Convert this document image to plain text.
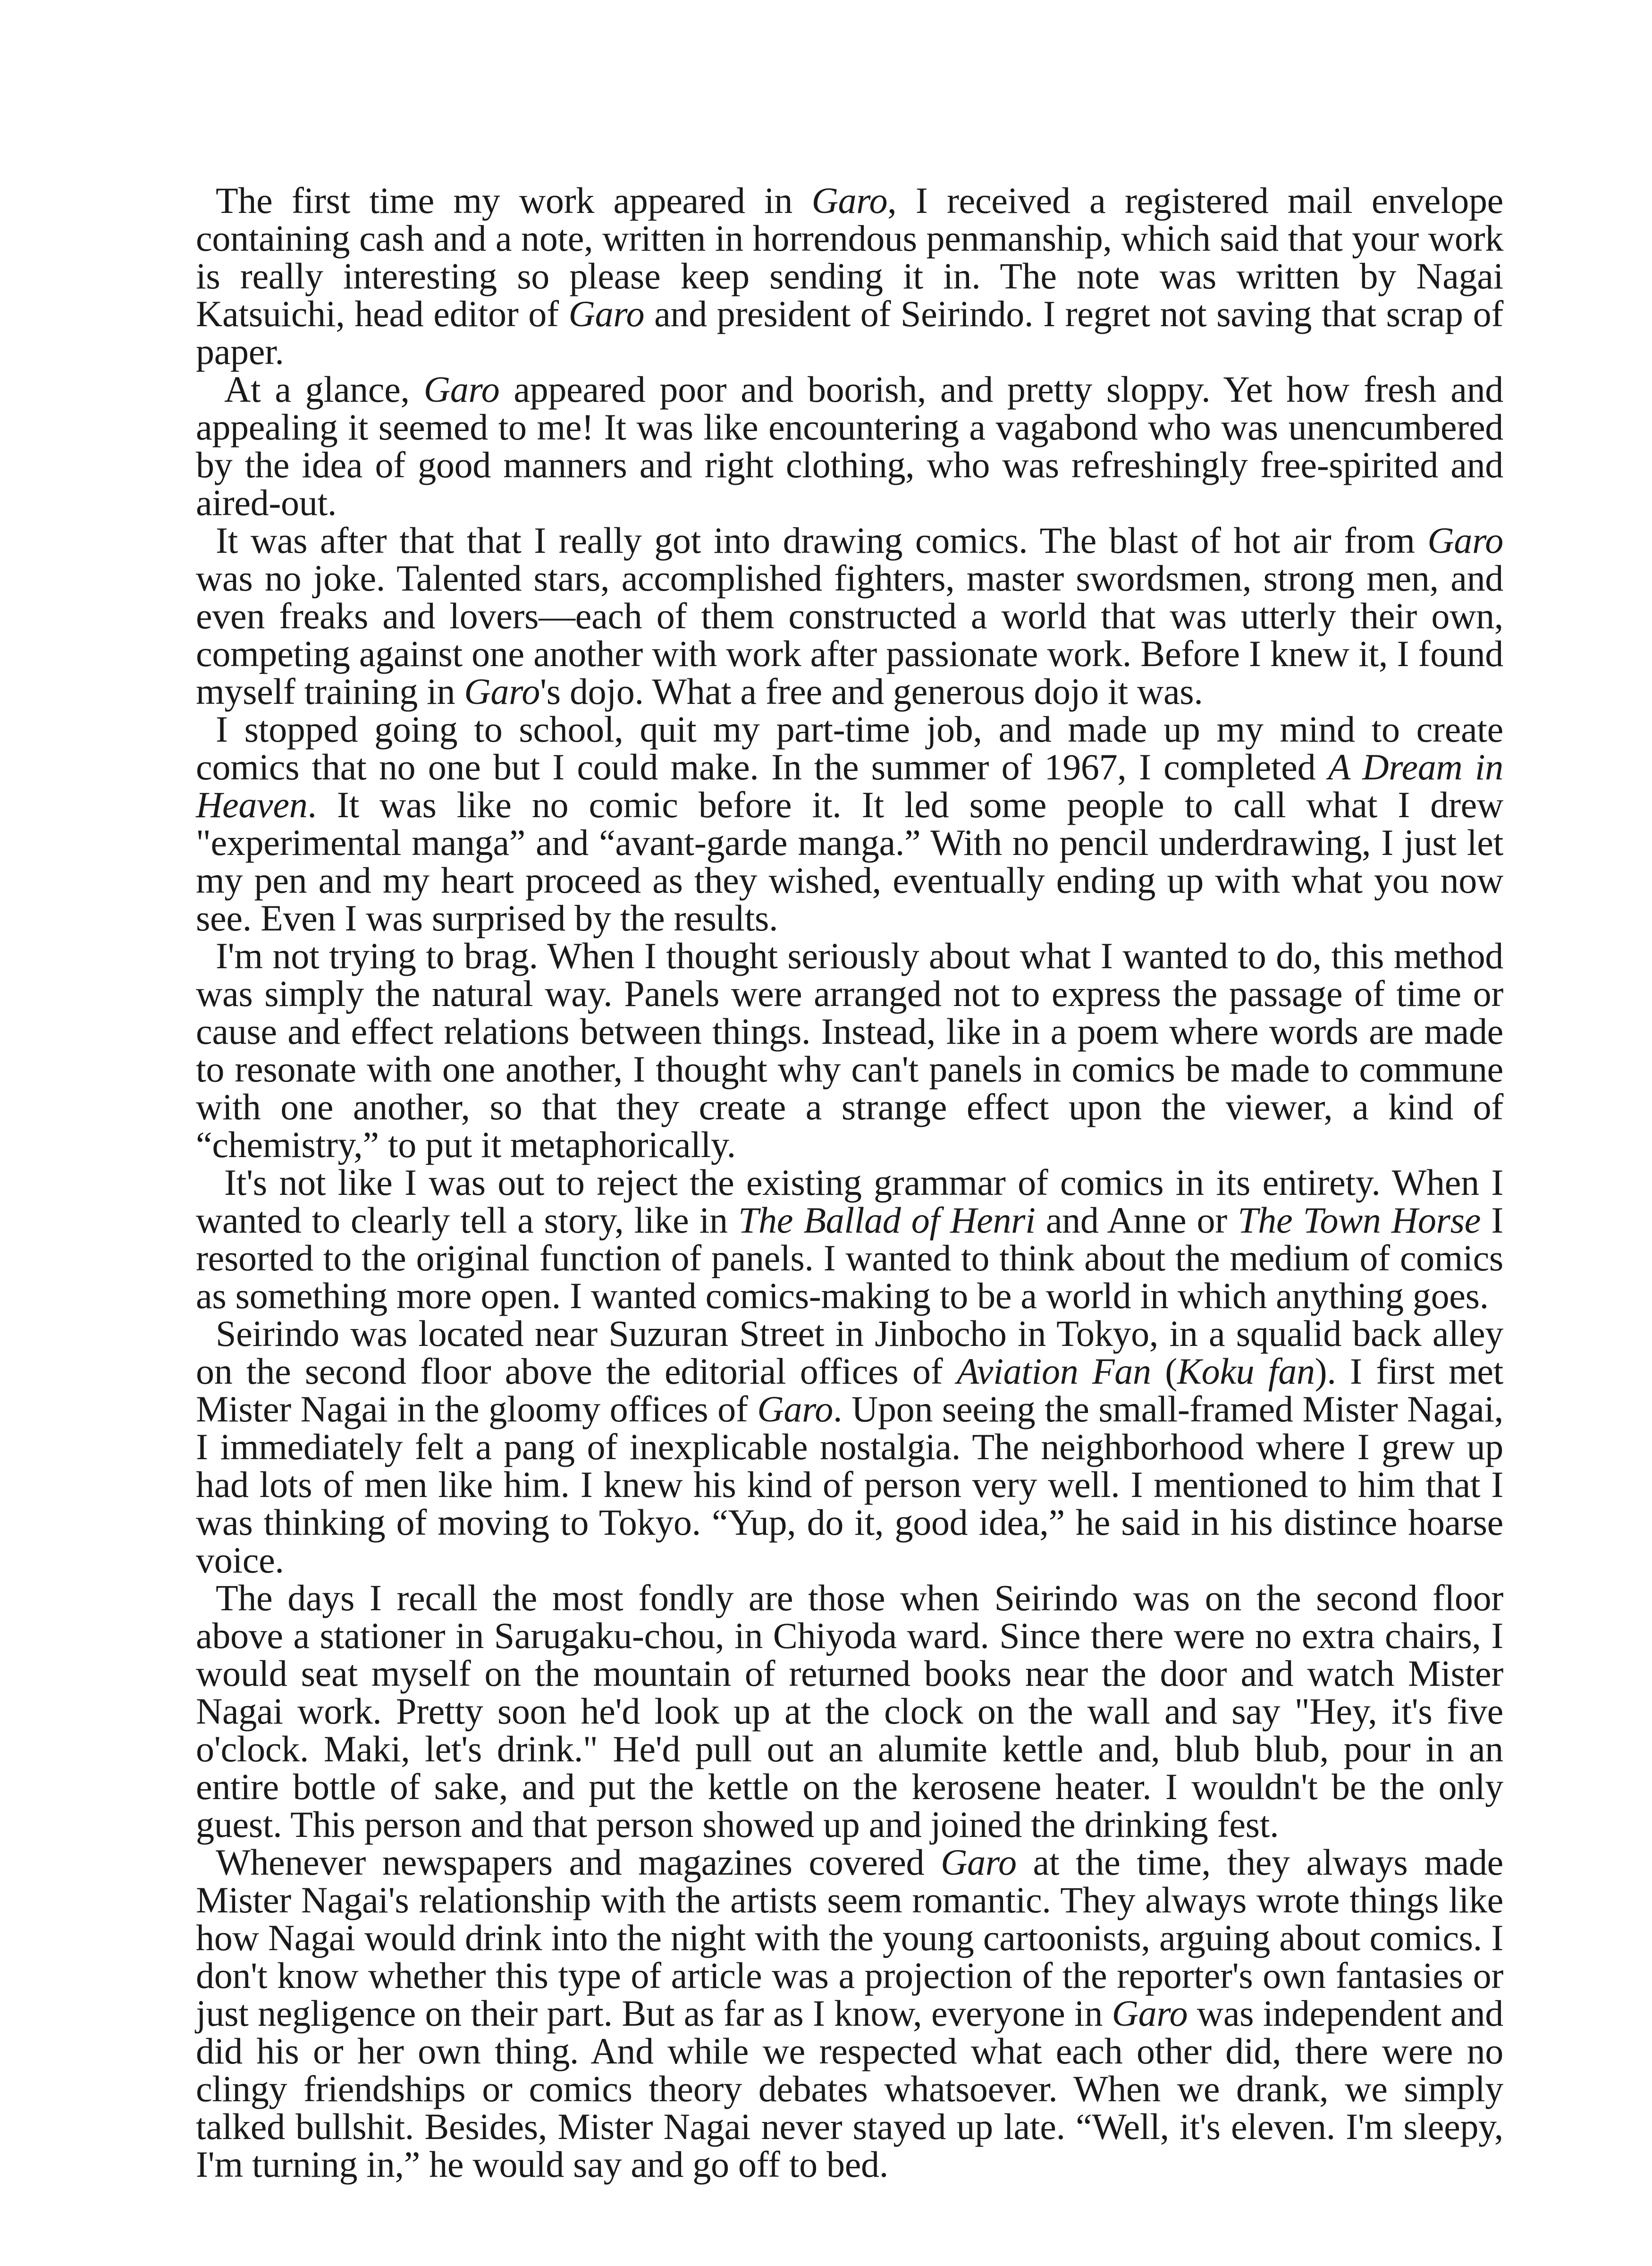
The first time my work appeared in Garo, I received a registered mail envelope containing cash and a note, written in horrendous penmanship, which said that your work is really interesting so please keep sending it in. The note was written by Nagai Katsuichi, head editor of Garo and president of Seirindo. I regret not saving that scrap of paper.

At a glance, Garo appeared poor and boorish, and pretty sloppy. Yet how fresh and appealing it seemed to me! It was like encountering a vagabond who was unencumbered by the idea of good manners and right clothing, who was refreshingly free-spirited and aired-out.

It was after that that I really got into drawing comics. The blast of hot air from Garo was no joke. Talented stars, accomplished fighters, master swordsmen, strong men, and even freaks and lovers—each of them constructed a world that was utterly their own, competing against one another with work after passionate work. Before I knew it, I found myself training in Garo's dojo. What a free and generous dojo it was.

I stopped going to school, quit my part-time job, and made up my mind to create comics that no one but I could make. In the summer of 1967, I completed A Dream in Heaven. It was like no comic before it. It led some people to call what I drew "experimental manga” and “avant-garde manga.” With no pencil underdrawing, I just let my pen and my heart proceed as they wished, eventually ending up with what you now see. Even I was surprised by the results.

I'm not trying to brag. When I thought seriously about what I wanted to do, this method was simply the natural way. Panels were arranged not to express the passage of time or cause and effect relations between things. Instead, like in a poem where words are made to resonate with one another, I thought why can't panels in comics be made to commune with one another, so that they create a strange effect upon the viewer, a kind of “chemistry,” to put it metaphorically.

It's not like I was out to reject the existing grammar of comics in its entirety. When I wanted to clearly tell a story, like in The Ballad of Henri and Anne or The Town Horse I resorted to the original function of panels. I wanted to think about the medium of comics as something more open. I wanted comics-making to be a world in which anything goes.

Seirindo was located near Suzuran Street in Jinbocho in Tokyo, in a squalid back alley on the second floor above the editorial offices of Aviation Fan (Koku fan). I first met Mister Nagai in the gloomy offices of Garo. Upon seeing the small-framed Mister Nagai, I immediately felt a pang of inexplicable nostalgia. The neighborhood where I grew up had lots of men like him. I knew his kind of person very well. I mentioned to him that I was thinking of moving to Tokyo. “Yup, do it, good idea,” he said in his distince hoarse voice.

The days I recall the most fondly are those when Seirindo was on the second floor above a stationer in Sarugaku-chou, in Chiyoda ward. Since there were no extra chairs, I would seat myself on the mountain of returned books near the door and watch Mister Nagai work. Pretty soon he'd look up at the clock on the wall and say "Hey, it's five o'clock. Maki, let's drink." He'd pull out an alumite kettle and, blub blub, pour in an entire bottle of sake, and put the kettle on the kerosene heater. I wouldn't be the only guest. This person and that person showed up and joined the drinking fest.

Whenever newspapers and magazines covered Garo at the time, they always made Mister Nagai's relationship with the artists seem romantic. They always wrote things like how Nagai would drink into the night with the young cartoonists, arguing about comics. I don't know whether this type of article was a projection of the reporter's own fantasies or just negligence on their part. But as far as I know, everyone in Garo was independent and did his or her own thing. And while we respected what each other did, there were no clingy friendships or comics theory debates whatsoever. When we drank, we simply talked bullshit. Besides, Mister Nagai never stayed up late. “Well, it's eleven. I'm sleepy, I'm turning in,” he would say and go off to bed.
